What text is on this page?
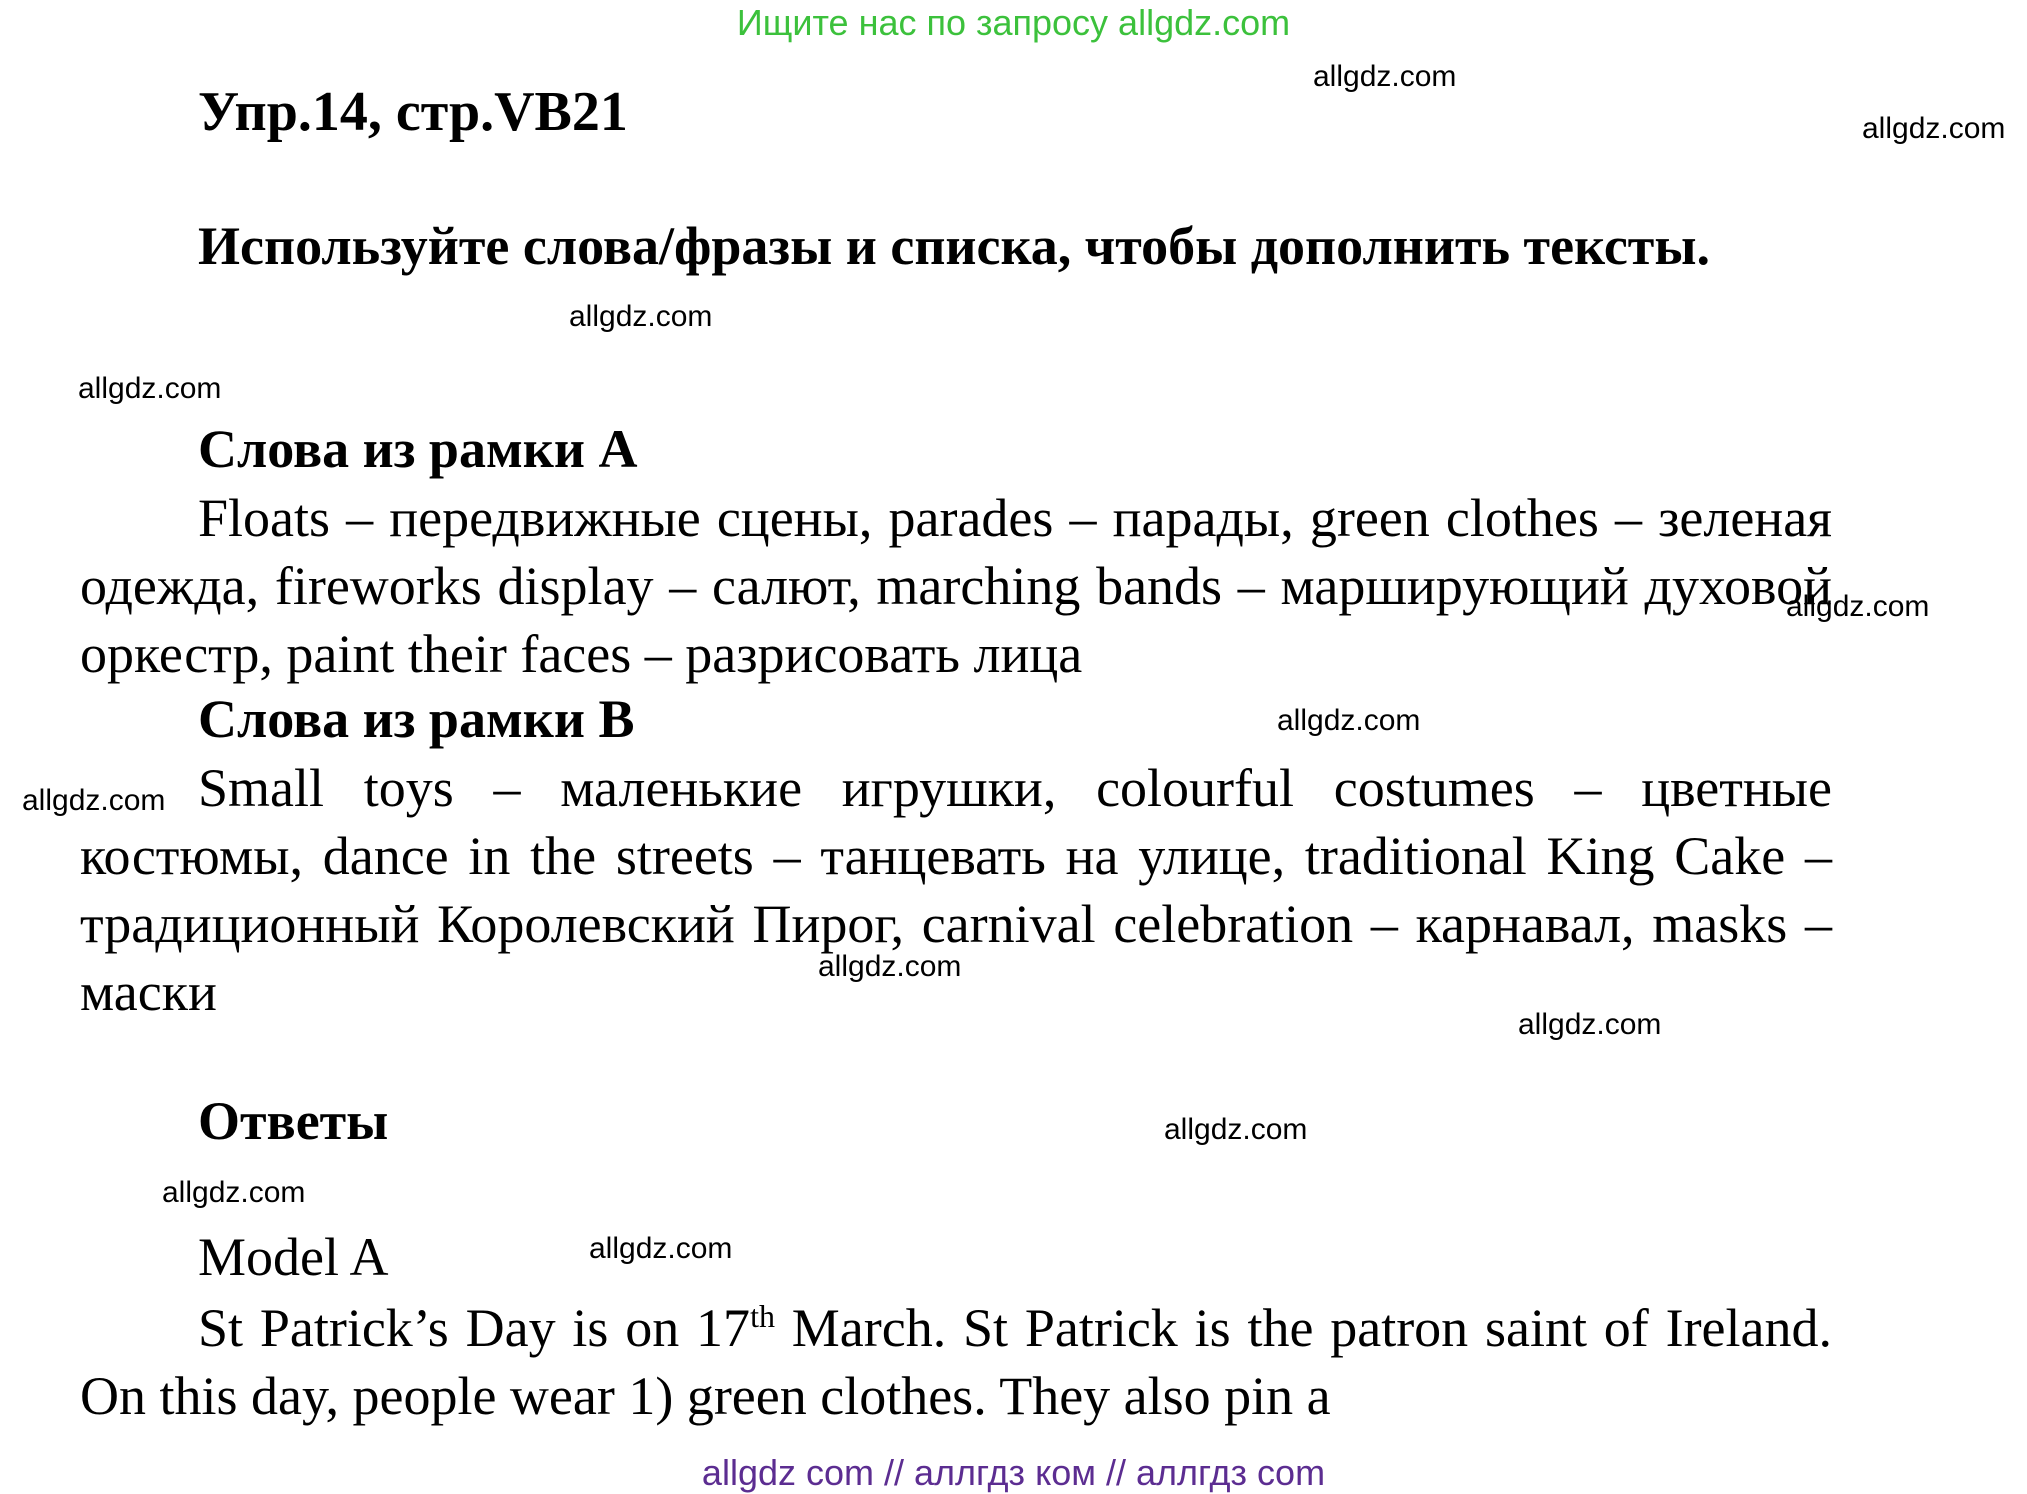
Ищите нас по запросу allgdz.com
Упр.14, стр.VB21
Используйте слова/фразы и списка, чтобы дополнить тексты.
Слова из рамки А
Floats – передвижные сцены, parades – парады, green clothes – зеленая одежда, fireworks display – салют, marching bands – марширующий духовой оркестр, paint their faces – разрисовать лица
Слова из рамки В
Small toys – маленькие игрушки, colourful costumes – цветные костюмы, dance in the streets – танцевать на улице, traditional King Cake – традиционный Королевский Пирог, carnival celebration – карнавал, masks – маски
Ответы
Model A
St Patrick’s Day is on 17th March. St Patrick is the patron saint of Ireland. On this day, people wear 1) green clothes. They also pin a
allgdz.com
allgdz.com
allgdz.com
allgdz.com
allgdz.com
allgdz.com
allgdz.com
allgdz.com
allgdz.com
allgdz.com
allgdz.com
allgdz.com
allgdz com // аллгдз ком // аллгдз com
